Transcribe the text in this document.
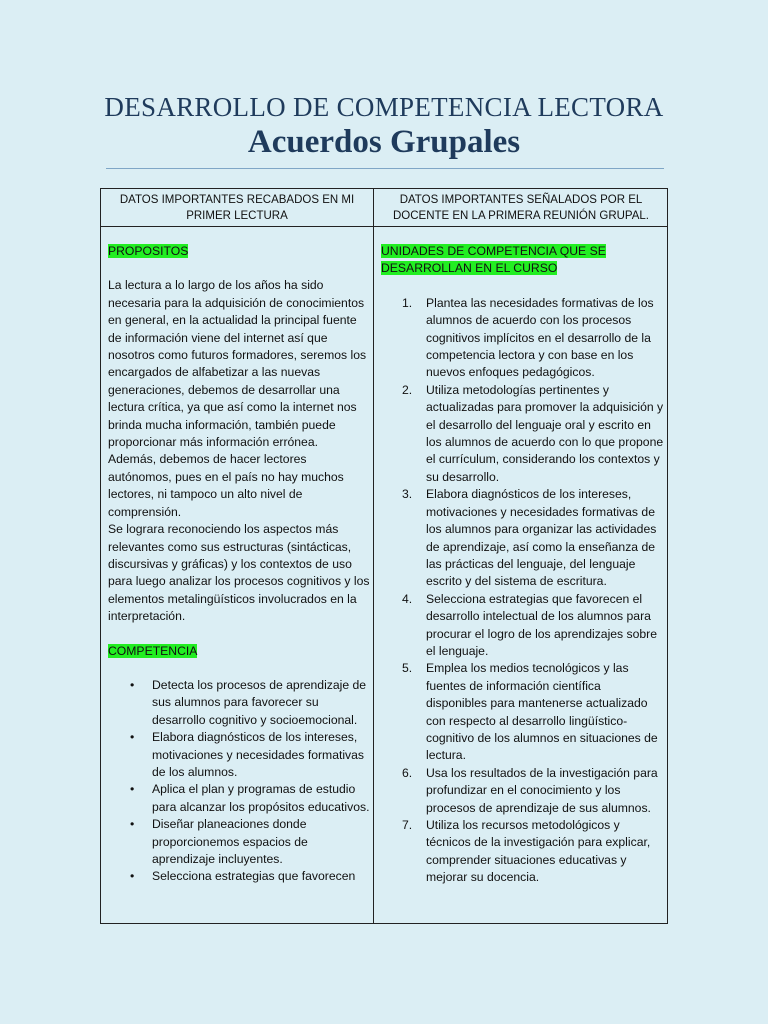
DESARROLLO DE COMPETENCIA LECTORA
Acuerdos Grupales
DATOS IMPORTANTES RECABADOS EN MI PRIMER LECTURA
DATOS IMPORTANTES SEÑALADOS POR EL DOCENTE EN LA PRIMERA REUNIÓN GRUPAL.

PROPOSITOS

La lectura a lo largo de los años ha sido necesaria para la adquisición de conocimientos en general, en la actualidad la principal fuente de información viene del internet así que nosotros como futuros formadores, seremos los encargados de alfabetizar a las nuevas generaciones, debemos de desarrollar una lectura crítica, ya que así como la internet nos brinda mucha información, también puede proporcionar más información errónea.

Además, debemos de hacer lectores autónomos, pues en el país no hay muchos lectores, ni tampoco un alto nivel de comprensión.

Se lograra reconociendo los aspectos más relevantes como sus estructuras (sintácticas, discursivas y gráficas) y los contextos de uso para luego analizar los procesos cognitivos y los elementos metalingüísticos involucrados en la interpretación.

COMPETENCIA

• Detecta los procesos de aprendizaje de sus alumnos para favorecer su desarrollo cognitivo y socioemocional.
• Elabora diagnósticos de los intereses, motivaciones y necesidades formativas de los alumnos.
• Aplica el plan y programas de estudio para alcanzar los propósitos educativos.
• Diseñar planeaciones donde proporcionemos espacios de aprendizaje incluyentes.
• Selecciona estrategias que favorecen

UNIDADES DE COMPETENCIA QUE SE DESARROLLAN EN EL CURSO

1. Plantea las necesidades formativas de los alumnos de acuerdo con los procesos cognitivos implícitos en el desarrollo de la competencia lectora y con base en los nuevos enfoques pedagógicos.
2. Utiliza metodologías pertinentes y actualizadas para promover la adquisición y el desarrollo del lenguaje oral y escrito en los alumnos de acuerdo con lo que propone el currículum, considerando los contextos y su desarrollo.
3. Elabora diagnósticos de los intereses, motivaciones y necesidades formativas de los alumnos para organizar las actividades de aprendizaje, así como la enseñanza de las prácticas del lenguaje, del lenguaje escrito y del sistema de escritura.
4. Selecciona estrategias que favorecen el desarrollo intelectual de los alumnos para procurar el logro de los aprendizajes sobre el lenguaje.
5. Emplea los medios tecnológicos y las fuentes de información científica disponibles para mantenerse actualizado con respecto al desarrollo lingüístico-cognitivo de los alumnos en situaciones de lectura.
6. Usa los resultados de la investigación para profundizar en el conocimiento y los procesos de aprendizaje de sus alumnos.
7. Utiliza los recursos metodológicos y técnicos de la investigación para explicar, comprender situaciones educativas y mejorar su docencia.
